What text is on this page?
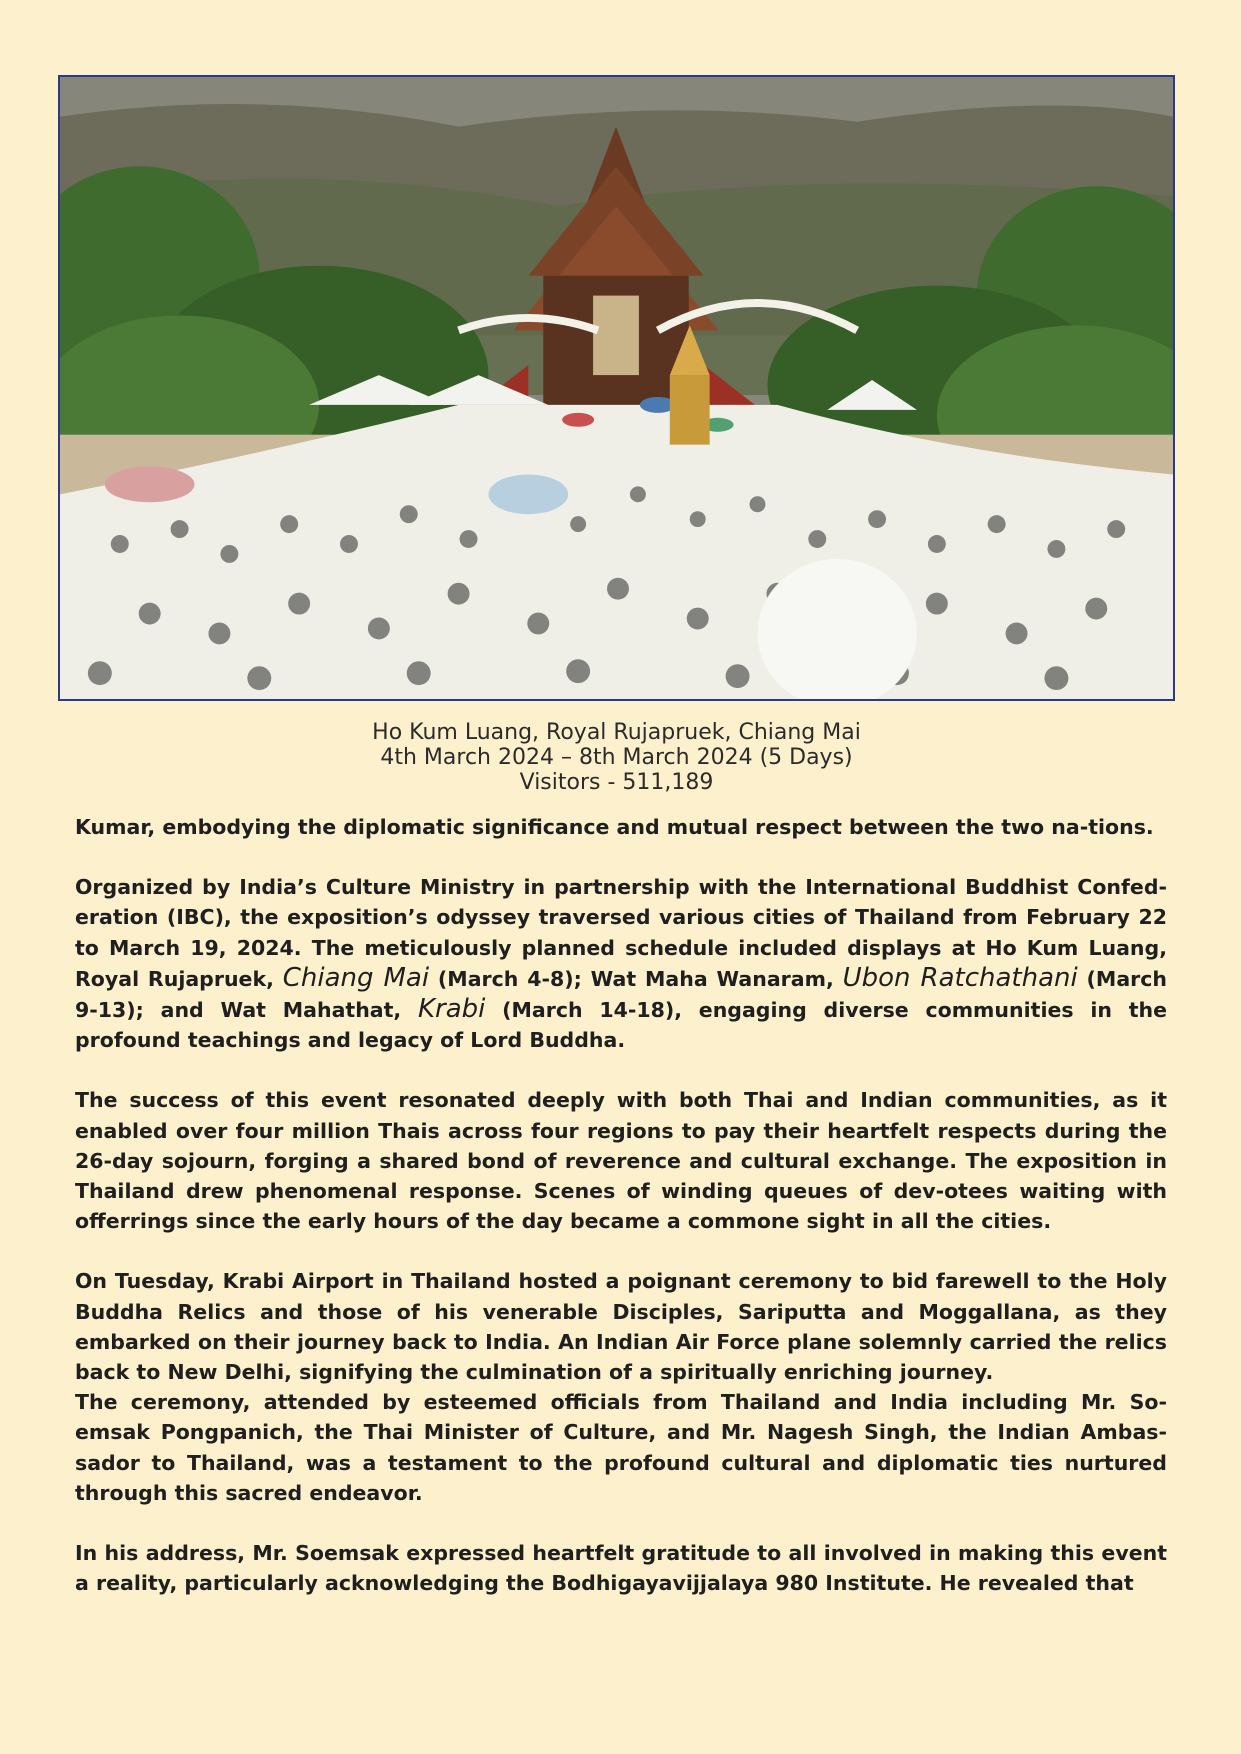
Ho Kum Luang, Royal Rujapruek, Chiang Mai
4th March 2024 – 8th March 2024 (5 Days)
Visitors - 511,189

Kumar, embodying the diplomatic significance and mutual respect between the two na-tions.

Organized by India’s Culture Ministry in partnership with the International Buddhist Confed-eration (IBC), the exposition’s odyssey traversed various cities of Thailand from February 22 to March 19, 2024. The meticulously planned schedule included displays at Ho Kum Luang, Royal Rujapruek, Chiang Mai (March 4-8); Wat Maha Wanaram, Ubon Ratchathani (March 9-13); and Wat Mahathat, Krabi (March 14-18), engaging diverse communities in the profound teachings and legacy of Lord Buddha.

The success of this event resonated deeply with both Thai and Indian communities, as it enabled over four million Thais across four regions to pay their heartfelt respects during the 26-day sojourn, forging a shared bond of reverence and cultural exchange. The exposition in Thailand drew phenomenal response. Scenes of winding queues of dev-otees waiting with offerrings since the early hours of the day became a commone sight in all the cities.

On Tuesday, Krabi Airport in Thailand hosted a poignant ceremony to bid farewell to the Holy Buddha Relics and those of his venerable Disciples, Sariputta and Moggallana, as they embarked on their journey back to India. An Indian Air Force plane solemnly carried the relics back to New Delhi, signifying the culmination of a spiritually enriching journey.

The ceremony, attended by esteemed officials from Thailand and India including Mr. So-emsak Pongpanich, the Thai Minister of Culture, and Mr. Nagesh Singh, the Indian Ambas-sador to Thailand, was a testament to the profound cultural and diplomatic ties nurtured through this sacred endeavor.

In his address, Mr. Soemsak expressed heartfelt gratitude to all involved in making this event a reality, particularly acknowledging the Bodhigayavijjalaya 980 Institute. He revealed that
